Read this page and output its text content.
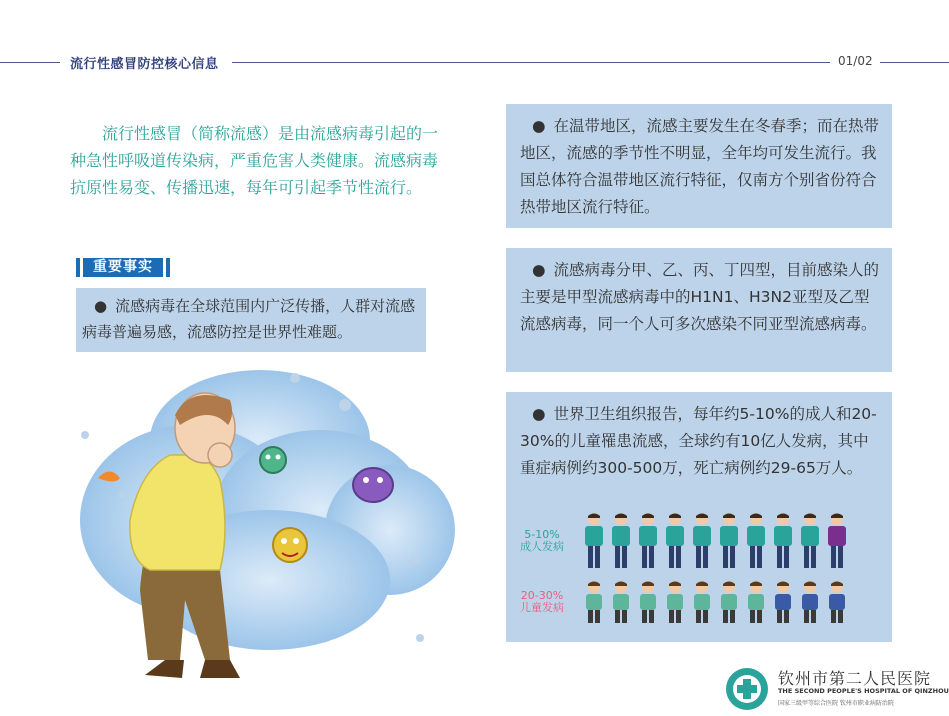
流行性感冒防控核心信息	01/02
流行性感冒（简称流感）是由流感病毒引起的一种急性呼吸道传染病，严重危害人类健康。流感病毒抗原性易变、传播迅速，每年可引起季节性流行。
重要事实
● 流感病毒在全球范围内广泛传播，人群对流感病毒普遍易感，流感防控是世界性难题。
● 在温带地区，流感主要发生在冬春季；而在热带地区，流感的季节性不明显，全年均可发生流行。我国总体符合温带地区流行特征，仅南方个别省份符合热带地区流行特征。
● 流感病毒分甲、乙、丙、丁四型，目前感染人的主要是甲型流感病毒中的H1N1、H3N2亚型及乙型流感病毒，同一个人可多次感染不同亚型流感病毒。
● 世界卫生组织报告，每年约5-10%的成人和20-30%的儿童罹患流感，全球约有10亿人发病，其中重症病例约300-500万，死亡病例约29-65万人。
5-10%
成人发病
20-30%
儿童发病
钦州市第二人民医院
THE SECOND PEOPLE'S HOSPITAL OF QINZHOU
国家三级甲等综合医院 钦州市职业病防治院
